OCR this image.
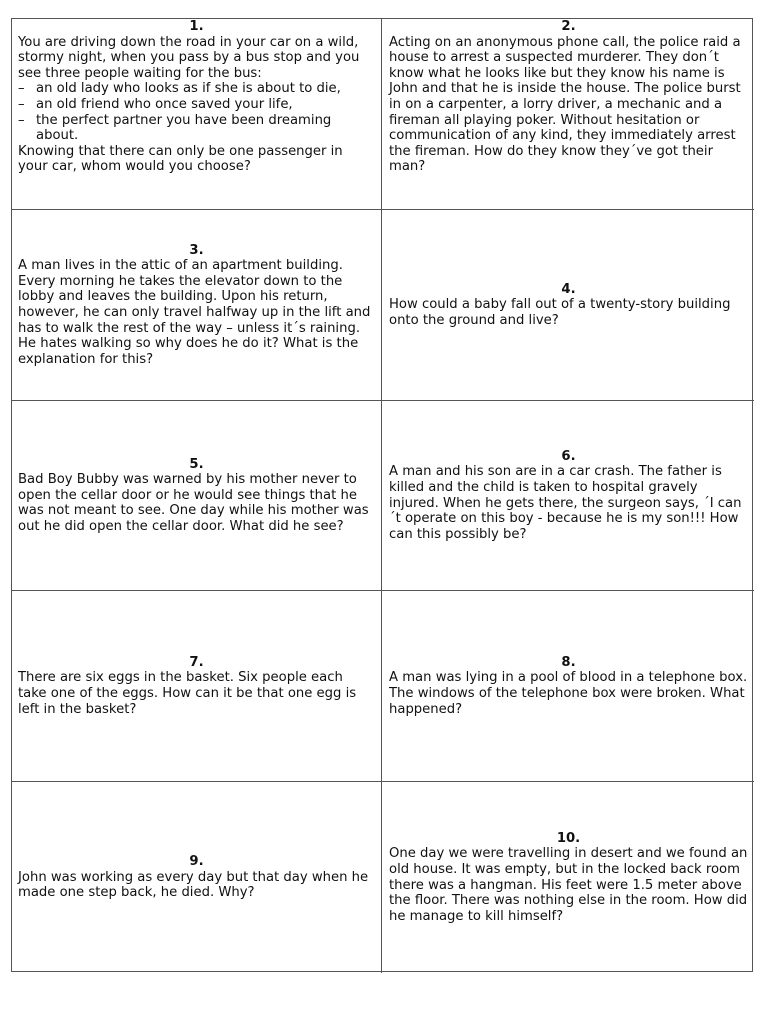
1.
You are driving down the road in your car on a wild, stormy night, when you pass by a bus stop and you see three people waiting for the bus:
– an old lady who looks as if she is about to die,
– an old friend who once saved your life,
– the perfect partner you have been dreaming about.
Knowing that there can only be one passenger in your car, whom would you choose?
2.
Acting on an anonymous phone call, the police raid a house to arrest a suspected murderer. They don´t know what he looks like but they know his name is John and that he is inside the house. The police burst in on a carpenter, a lorry driver, a mechanic and a fireman all playing poker. Without hesitation or communication of any kind, they immediately arrest the fireman. How do they know they´ve got their man?
3.
A man lives in the attic of an apartment building. Every morning he takes the elevator down to the lobby and leaves the building. Upon his return, however, he can only travel halfway up in the lift and has to walk the rest of the way – unless it´s raining. He hates walking so why does he do it? What is the explanation for this?
4.
How could a baby fall out of a twenty-story building onto the ground and live?
5.
Bad Boy Bubby was warned by his mother never to open the cellar door or he would see things that he was not meant to see. One day while his mother was out he did open the cellar door. What did he see?
6.
A man and his son are in a car crash. The father is killed and the child is taken to hospital gravely injured. When he gets there, the surgeon says, ´I can´t operate on this boy - because he is my son!!! How can this possibly be?
7.
There are six eggs in the basket. Six people each take one of the eggs. How can it be that one egg is left in the basket?
8.
A man was lying in a pool of blood in a telephone box. The windows of the telephone box were broken. What happened?
9.
John was working as every day but that day when he made one step back, he died. Why?
10.
One day we were travelling in desert and we found an old house. It was empty, but in the locked back room there was a hangman. His feet were 1.5 meter above the floor. There was nothing else in the room. How did he manage to kill himself?
